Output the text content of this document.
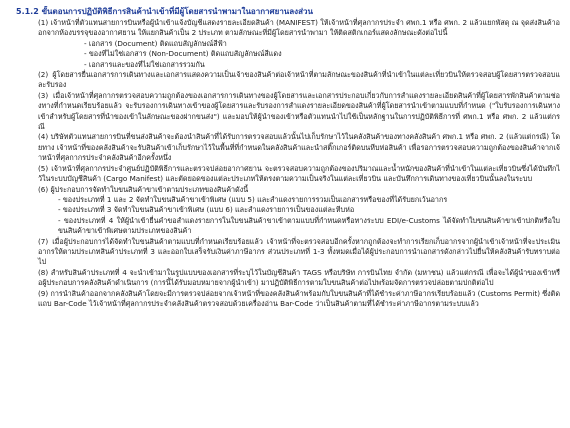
5.1.2 ขั้นตอนการปฏิบัติพิธีการสินค้านำเข้าที่มีผู้โดยสารนำพามาในอากาศยานลงส่วน

(1) เจ้าหน้าที่ตัวแทนสายการบินหรือผู้นำเข้าแจ้งบัญชีแสดงรายละเอียดสินค้า (MANIFEST) ให้เจ้าหน้าที่ศุลกากรประจำ ศพก.1 หรือ ศพก. 2 แล้วแยกพัสดุ ณ จุดส่งสินค้าออกจากห้องบรรจุของอากาศยาน ให้แยกสินค้าเป็น 2 ประเภท ตามลักษณะที่มีผู้โดยสารนำพามา ให้ติดสติกเกอร์แสดงลักษณะดังต่อไปนี้

- เอกสาร (Document) ติดแถบสัญลักษณ์สีฟ้า
- ของที่ไม่ใช่เอกสาร (Non-Document) ติดแถบสัญลักษณ์สีแดง
- เอกสารและของที่ไม่ใช่เอกสารรวมกัน

(2) ผู้โดยสารยื่นเอกสารการเดินทางและเอกสารแสดงความเป็นเจ้าของสินค้าต่อเจ้าหน้าที่ตามลักษณะของสินค้าที่นำเข้าในแต่ละเที่ยวบินให้ตรวจสอบผู้โดยสารตรวจสอบและรับรอง

(3) เมื่อเจ้าหน้าที่ศุลกากรตรวจสอบความถูกต้องของเอกสารการเดินทางของผู้โดยสารและเอกสารประกอบเกี่ยวกับการสำแดงรายละเอียดสินค้าที่ผู้โดยสารพักสินค้าตามช่องทางที่กำหนดเรียบร้อยแล้ว จะรับรองการเดินทางเข้าของผู้โดยสารและรับรองการสำแดงรายละเอียดของสินค้าที่ผู้โดยสารนำเข้าตามแบบที่กำหนด ("ใบรับรองการเดินทางเข้าสำหรับผู้โดยสารที่นำของเข้าในลักษณะของฝากขนส่ง") และมอบให้ผู้นำของเข้าหรือตัวแทนนำไปใช้เป็นหลักฐานในการปฏิบัติพิธีการที่ ศพก.1 หรือ ศพก. 2 แล้วแต่กรณี

(4) บริษัทตัวแทนสายการบินที่ขนส่งสินค้าจะต้องนำสินค้าที่ได้รับการตรวจสอบแล้วนั้นไปเก็บรักษาไว้ในคลังสินค้าของทางคลังสินค้า ศพก.1 หรือ ศพก. 2 (แล้วแต่กรณี) โดยทาง เจ้าหน้าที่ของคลังสินค้าจะรับสินค้าเข้าเก็บรักษาไว้ในพื้นที่ที่กำหนดในคลังสินค้าและนำสติ๊กเกอร์ติดบนหีบห่อสินค้า เพื่อรอการตรวจสอบความถูกต้องของสินค้าจากเจ้าหน้าที่ศุลกากรประจำคลังสินค้าอีกครั้งหนึ่ง

(5) เจ้าหน้าที่ศุลกากรประจำศูนย์ปฏิบัติพิธีการและตรวจปล่อยอากาศยาน จะตรวจสอบความถูกต้องของปริมาณและน้ำหนักของสินค้าที่นำเข้าในแต่ละเที่ยวบินซึ่งได้บันทึกไว้ในระบบบัญชีสินค้า (Cargo Manifest) และตัดยอดของแต่ละประเภทให้ตรงตามความเป็นจริงในแต่ละเที่ยวบิน และบันทึกการเดินทางของเที่ยวบินนั้นลงในระบบ

(6) ผู้ประกอบการจัดทำใบขนสินค้าขาเข้าตามประเภทของสินค้าดังนี้

- ของประเภทที่ 1 และ 2 จัดทำใบขนสินค้าขาเข้าพิเศษ (แบบ 5) และสำแดงรายการรวมเป็นเอกสารหรือของที่ได้รับยกเว้นอากร

- ของประเภทที่ 3 จัดทำใบขนสินค้าขาเข้าพิเศษ (แบบ 6) และสำแดงรายการเป็นของแต่ละหีบห่อ

- ของประเภทที่ 4 ให้ผู้นำเข้ายื่นคำขอสำแดงรายการในใบขนสินค้าขาเข้าตามแบบที่กำหนดหรือทางระบบ EDI/e-Customs ได้จัดทำใบขนสินค้าขาเข้าปกติหรือใบขนสินค้าขาเข้าพิเศษตามประเภทของสินค้า

(7) เมื่อผู้ประกอบการได้จัดทำใบขนสินค้าตามแบบที่กำหนดเรียบร้อยแล้ว เจ้าหน้าที่จะตรวจสอบอีกครั้งหากถูกต้องจะทำการเรียกเก็บอากรจากผู้นำเข้าเจ้าหน้าที่จะประเมินอากรให้ตามประเภทสินค้าประเภทที่ 3 และออกใบเสร็จรับเงินค่าภาษีอากร ส่วนประเภทที่ 1-3 ทั้งหมดเมื่อได้ผู้ประกอบการนำเอกสารดังกล่าวไปยื่นให้คลังสินค้ารับทราบต่อไป

(8) สำหรับสินค้าประเภทที่ 4 จะนำเข้ามาในรูปแบบของเอกสารที่ระบุไว้ในบัญชีสินค้า TAGS หรือบริษัท การบินไทย จำกัด (มหาชน) แล้วแต่กรณี เพื่อจะได้ผู้นำของเข้าหรือผู้ประกอบการคลังสินค้าดำเนินการ (การนี้ได้รับมอบหมายจากผู้นำเข้า) มาปฏิบัติพิธีการตามใบขนสินค้าต่อไปพร้อมจัดการตรวจปล่อยตามปกติต่อไป

(9) การนำสินค้าออกจากคลังสินค้าโดยจะมีการตรวจปล่อยจากเจ้าหน้าที่ของคลังสินค้าพร้อมกับใบขนสินค้าที่ได้ชำระค่าภาษีอากรเรียบร้อยแล้ว (Customs Permit) ซึ่งติดแถบ Bar-Code ไว้เจ้าหน้าที่ศุลกากรประจำคลังสินค้าตรวจสอบด้วยเครื่องอ่าน Bar-Code ว่าเป็นสินค้าตามที่ได้ชำระค่าภาษีอากรตามระบบแล้ว
